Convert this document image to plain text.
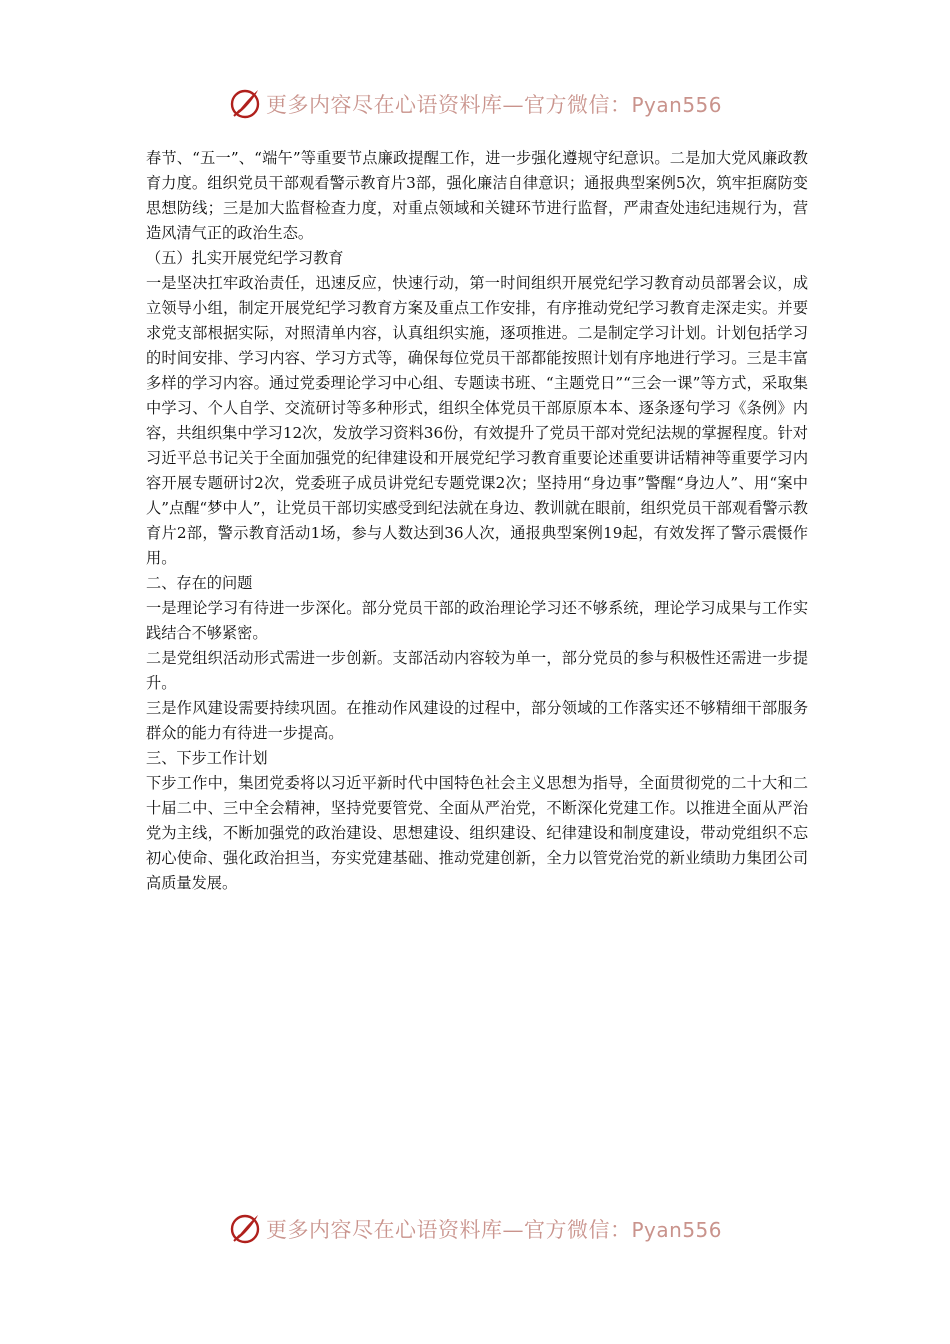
更多内容尽在心语资料库—官方微信：Pyan556

春节、“五一”、“端午”等重要节点廉政提醒工作，进一步强化遵规守纪意识。二是加大党风廉政教育力度。组织党员干部观看警示教育片3部，强化廉洁自律意识；通报典型案例5次，筑牢拒腐防变思想防线；三是加大监督检查力度，对重点领域和关键环节进行监督，严肃查处违纪违规行为，营造风清气正的政治生态。

（五）扎实开展党纪学习教育

一是坚决扛牢政治责任，迅速反应，快速行动，第一时间组织开展党纪学习教育动员部署会议，成立领导小组，制定开展党纪学习教育方案及重点工作安排，有序推动党纪学习教育走深走实。并要求党支部根据实际，对照清单内容，认真组织实施，逐项推进。二是制定学习计划。计划包括学习的时间安排、学习内容、学习方式等，确保每位党员干部都能按照计划有序地进行学习。三是丰富多样的学习内容。通过党委理论学习中心组、专题读书班、“主题党日”“三会一课”等方式，采取集中学习、个人自学、交流研讨等多种形式，组织全体党员干部原原本本、逐条逐句学习《条例》内容，共组织集中学习12次，发放学习资料36份，有效提升了党员干部对党纪法规的掌握程度。针对习近平总书记关于全面加强党的纪律建设和开展党纪学习教育重要论述重要讲话精神等重要学习内容开展专题研讨2次，党委班子成员讲党纪专题党课2次；坚持用“身边事”警醒“身边人”、用“案中人”点醒“梦中人”，让党员干部切实感受到纪法就在身边、教训就在眼前，组织党员干部观看警示教育片2部，警示教育活动1场，参与人数达到36人次，通报典型案例19起，有效发挥了警示震慑作用。

二、存在的问题

一是理论学习有待进一步深化。部分党员干部的政治理论学习还不够系统，理论学习成果与工作实践结合不够紧密。

二是党组织活动形式需进一步创新。支部活动内容较为单一，部分党员的参与积极性还需进一步提升。

三是作风建设需要持续巩固。在推动作风建设的过程中，部分领域的工作落实还不够精细干部服务群众的能力有待进一步提高。

三、下步工作计划

下步工作中，集团党委将以习近平新时代中国特色社会主义思想为指导，全面贯彻党的二十大和二十届二中、三中全会精神，坚持党要管党、全面从严治党，不断深化党建工作。以推进全面从严治党为主线，不断加强党的政治建设、思想建设、组织建设、纪律建设和制度建设，带动党组织不忘初心使命、强化政治担当，夯实党建基础、推动党建创新，全力以管党治党的新业绩助力集团公司高质量发展。

更多内容尽在心语资料库—官方微信：Pyan556
